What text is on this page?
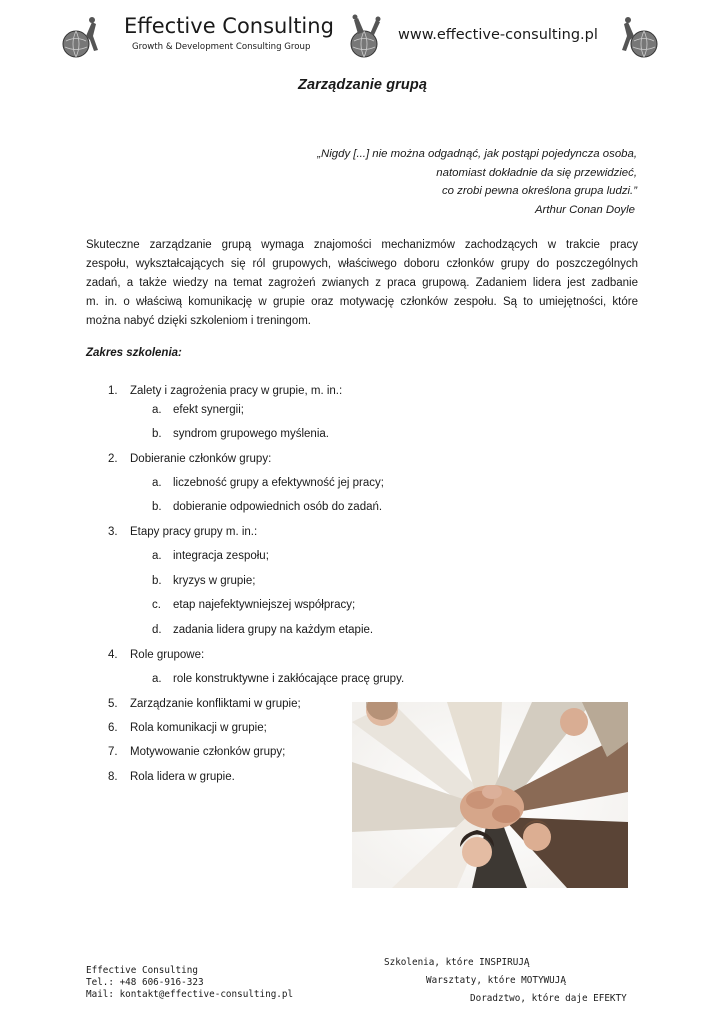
Effective Consulting
Growth & Development Consulting Group
www.effective-consulting.pl
Zarządzanie grupą
„Nigdy [...] nie można odgadnąć, jak postąpi pojedyncza osoba,
natomiast dokładnie da się przewidzieć,
co zrobi pewna określona grupa ludzi.”
Arthur Conan Doyle
Skuteczne zarządzanie grupą wymaga znajomości mechanizmów zachodzących w trakcie pracy
zespołu, wykształcających się ról grupowych, właściwego doboru członków grupy do poszczególnych
zadań, a także wiedzy na temat zagrożeń zwianych z praca grupową. Zadaniem lidera jest zadbanie
m. in. o właściwą komunikację w grupie oraz motywację członków zespołu. Są to umiejętności, które
można nabyć dzięki szkoleniom i treningom.
Zakres szkolenia:
1. Zalety i zagrożenia pracy w grupie, m. in.:
a. efekt synergii;
b. syndrom grupowego myślenia.
2. Dobieranie członków grupy:
a. liczebność grupy a efektywność jej pracy;
b. dobieranie odpowiednich osób do zadań.
3. Etapy pracy grupy m. in.:
a. integracja zespołu;
b. kryzys w grupie;
c. etap najefektywniejszej współpracy;
d. zadania lidera grupy na każdym etapie.
4. Role grupowe:
a. role konstruktywne i zakłócające pracę grupy.
5. Zarządzanie konfliktami w grupie;
6. Rola komunikacji w grupie;
7. Motywowanie członków grupy;
8. Rola lidera w grupie.
Effective Consulting
Tel.: +48 606-916-323
Mail: kontakt@effective-consulting.pl
Szkolenia, które INSPIRUJĄ
Warsztaty, które MOTYWUJĄ
Doradztwo, które daje EFEKTY
